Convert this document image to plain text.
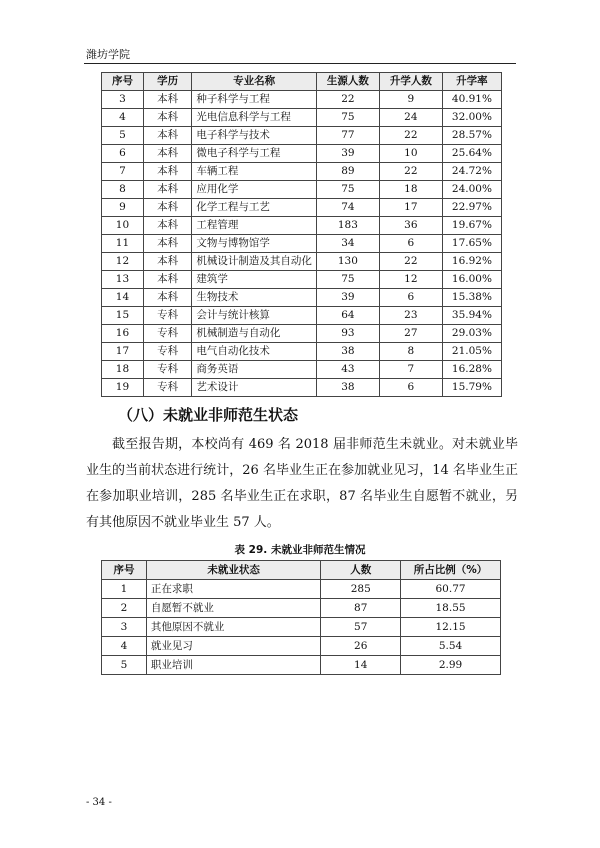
潍坊学院
序号	学历	专业名称	生源人数	升学人数	升学率
3	本科	种子科学与工程	22	9	40.91%
4	本科	光电信息科学与工程	75	24	32.00%
5	本科	电子科学与技术	77	22	28.57%
6	本科	微电子科学与工程	39	10	25.64%
7	本科	车辆工程	89	22	24.72%
8	本科	应用化学	75	18	24.00%
9	本科	化学工程与工艺	74	17	22.97%
10	本科	工程管理	183	36	19.67%
11	本科	文物与博物馆学	34	6	17.65%
12	本科	机械设计制造及其自动化	130	22	16.92%
13	本科	建筑学	75	12	16.00%
14	本科	生物技术	39	6	15.38%
15	专科	会计与统计核算	64	23	35.94%
16	专科	机械制造与自动化	93	27	29.03%
17	专科	电气自动化技术	38	8	21.05%
18	专科	商务英语	43	7	16.28%
19	专科	艺术设计	38	6	15.79%
（八）未就业非师范生状态
截至报告期，本校尚有 469 名 2018 届非师范生未就业。对未就业毕业生的当前状态进行统计，26 名毕业生正在参加就业见习，14 名毕业生正在参加职业培训，285 名毕业生正在求职，87 名毕业生自愿暂不就业，另有其他原因不就业毕业生 57 人。
表 29. 未就业非师范生情况
序号	未就业状态	人数	所占比例（%）
1	正在求职	285	60.77
2	自愿暂不就业	87	18.55
3	其他原因不就业	57	12.15
4	就业见习	26	5.54
5	职业培训	14	2.99
- 34 -
